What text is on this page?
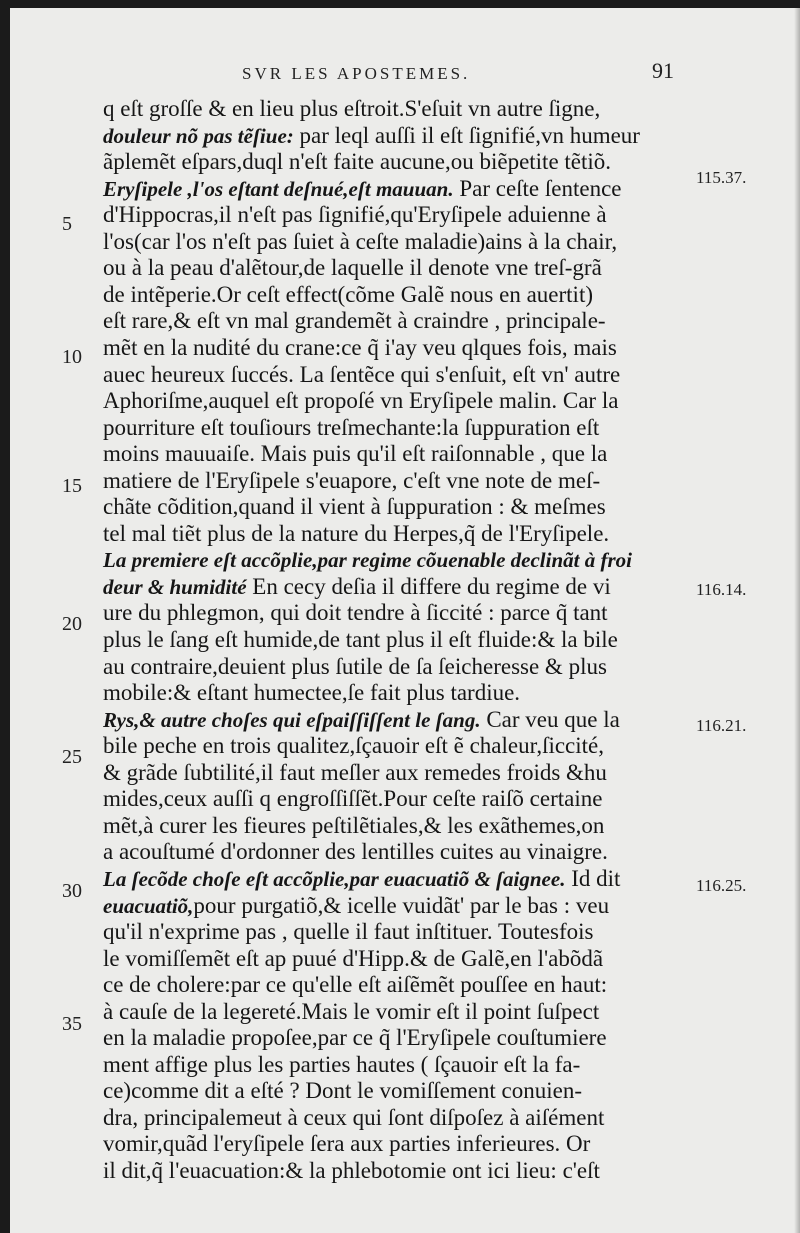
SVR LES APOSTEMES.	91
q eſt groſſe & en lieu plus eſtroit.S'eſuit vn autre ſigne,
douleur nõ pas tẽſiue: par leql auſſi il eſt ſignifié,vn humeur
ãplemẽt eſpars,duql n'eſt faite aucune,ou biẽpetite tẽtiõ.
Eryſipele ,l'os eſtant deſnué,eſt mauuan. Par ceſte ſentence
d'Hippocras,il n'eſt pas ſignifié,qu'Eryſipele aduienne à
l'os(car l'os n'eſt pas ſuiet à ceſte maladie)ains à la chair,
ou à la peau d'alẽtour,de laquelle il denote vne treſ-grã
de intẽperie.Or ceſt effect(cõme Galẽ nous en auertit)
eſt rare,& eſt vn mal grandemẽt à craindre , principale-
mẽt en la nudité du crane:ce q̃ i'ay veu qlques fois, mais
auec heureux ſuccés. La ſentẽce qui s'enſuit, eſt vn' autre
Aphoriſme,auquel eſt propoſé vn Eryſipele malin. Car la
pourriture eſt touſiours treſmechante:la ſuppuration eſt
moins mauuaiſe. Mais puis qu'il eſt raiſonnable , que la
matiere de l'Eryſipele s'euapore, c'eſt vne note de meſ-
chãte cõdition,quand il vient à ſuppuration : & meſmes
tel mal tiẽt plus de la nature du Herpes,q̃ de l'Eryſipele.
La premiere eſt accõplie,par regime cõuenable declinãt à froi
deur & humidité En cecy deſia il differe du regime de vi
ure du phlegmon, qui doit tendre à ſiccité : parce q̃ tant
plus le ſang eſt humide,de tant plus il eſt fluide:& la bile
au contraire,deuient plus ſutile de ſa ſeicheresse & plus
mobile:& eſtant humectee,ſe fait plus tardiue.
Rys,& autre choſes qui eſpaiſſiſſent le ſang. Car veu que la
bile peche en trois qualitez,ſçauoir eſt ẽ chaleur,ſiccité,
& grãde ſubtilité,il faut meſler aux remedes froids &hu
mides,ceux auſſi q engroſſiſſẽt.Pour ceſte raiſõ certaine
mẽt,à curer les fieures peſtilẽtiales,& les exãthemes,on
a acouſtumé d'ordonner des lentilles cuites au vinaigre.
La ſecõde choſe eſt accõplie,par euacuatiõ & ſaignee. Id dit
euacuatiõ,pour purgatiõ,& icelle vuidãt' par le bas : veu
qu'il n'exprime pas , quelle il faut inſtituer. Toutesfois
le vomiſſemẽt eſt ap puué d'Hipp.& de Galẽ,en l'abõdã
ce de cholere:par ce qu'elle eſt aiſẽmẽt pouſſee en haut:
à cauſe de la legereté.Mais le vomir eſt il point ſuſpect
en la maladie propoſee,par ce q̃ l'Eryſipele couſtumiere
ment affige plus les parties hautes ( ſçauoir eſt la fa-
ce)comme dit a eſté ? Dont le vomiſſement conuien-
dra, principalemeut à ceux qui ſont diſpoſez à aiſément
vomir,quãd l'eryſipele ſera aux parties inferieures. Or
il dit,q̃ l'euacuation:& la phlebotomie ont ici lieu: c'eſt
5
10
15
20
25
30
35
115.37.
116.14.
116.21.
116.25.
